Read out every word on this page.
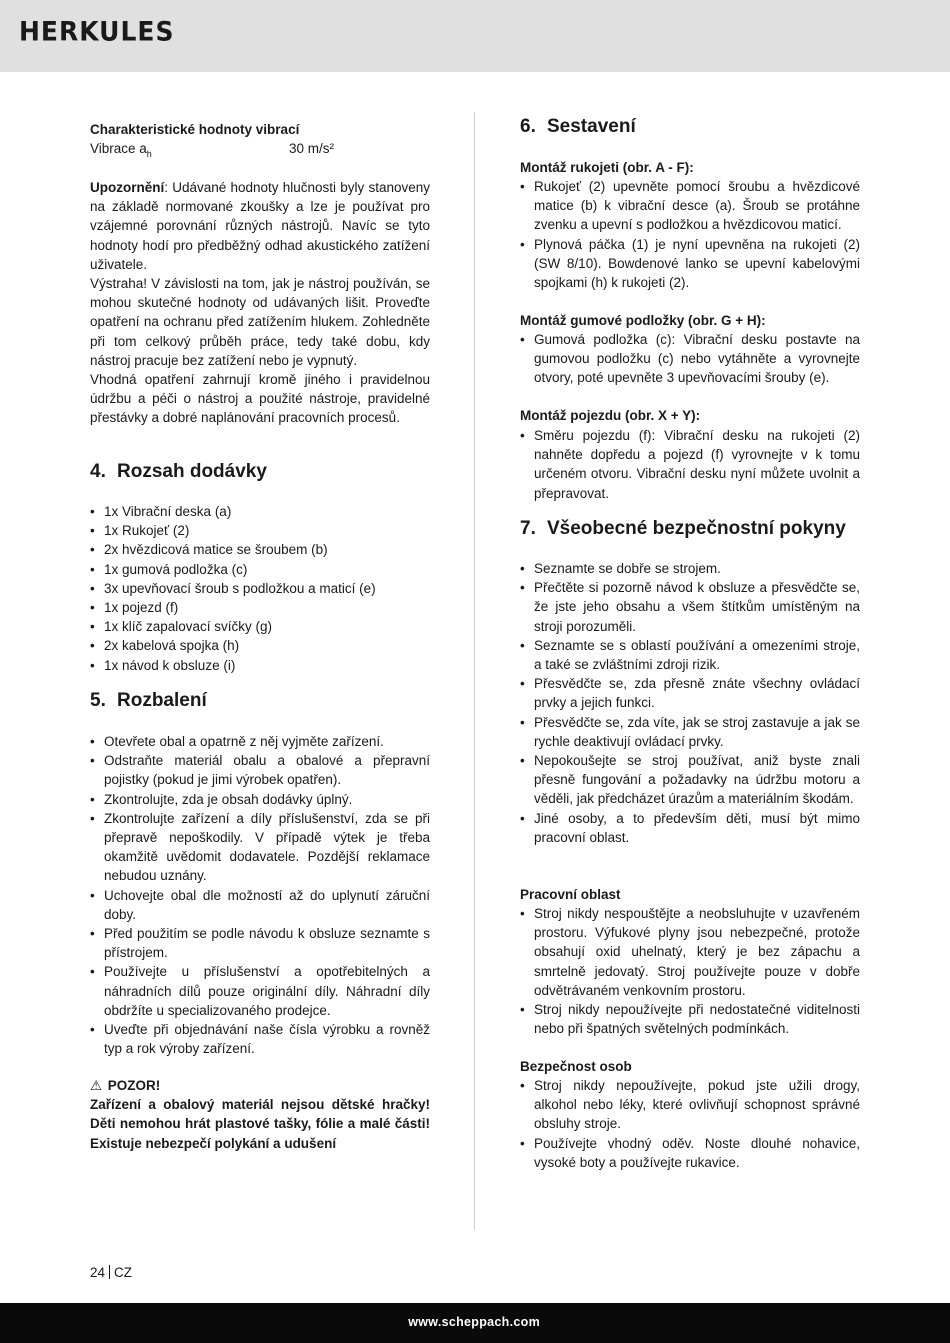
HERKULES

Charakteristické hodnoty vibrací

Vibrace $a_h$	30 m/s²

Upozornění: Udávané hodnoty hlučnosti byly stanoveny na základě normované zkoušky a lze je používat pro vzájemné porovnání různých nástrojů. Navíc se tyto hodnoty hodí pro předběžný odhad akustického zatížení uživatele.

Výstraha! V závislosti na tom, jak je nástroj používán, se mohou skutečné hodnoty od udávaných lišit. Proveďte opatření na ochranu před zatížením hlukem. Zohledněte při tom celkový průběh práce, tedy také dobu, kdy nástroj pracuje bez zatížení nebo je vypnutý.

Vhodná opatření zahrnují kromě jiného i pravidelnou údržbu a péči o nástroj a použité nástroje, pravidelné přestávky a dobré naplánování pracovních procesů.

4. Rozsah dodávky
• 1x Vibrační deska (a)
• 1x Rukojeť (2)
• 2x hvězdicová matice se šroubem (b)
• 1x gumová podložka (c)
• 3x upevňovací šroub s podložkou a maticí (e)
• 1x pojezd (f)
• 1x klíč zapalovací svíčky (g)
• 2x kabelová spojka (h)
• 1x návod k obsluze (i)
5. Rozbalení
• Otevřete obal a opatrně z něj vyjměte zařízení.
• Odstraňte materiál obalu a obalové a přepravní pojistky (pokud je jimi výrobek opatřen).
• Zkontrolujte, zda je obsah dodávky úplný.
• Zkontrolujte zařízení a díly příslušenství, zda se při přepravě nepoškodily. V případě výtek je třeba okamžitě uvědomit dodavatele. Pozdější reklamace nebudou uznány.
• Uchovejte obal dle možností až do uplynutí záruční doby.
• Před použitím se podle návodu k obsluze seznamte s přístrojem.
• Používejte u příslušenství a opotřebitelných a náhradních dílů pouze originální díly. Náhradní díly obdržíte u specializovaného prodejce.
• Uveďte při objednávání naše čísla výrobku a rovněž typ a rok výroby zařízení.

⚠ POZOR!

Zařízení a obalový materiál nejsou dětské hračky! Děti nemohou hrát plastové tašky, fólie a malé části! Existuje nebezpečí polykání a udušení

6. Sestavení

Montáž rukojeti (obr. A - F):

• Rukojeť (2) upevněte pomocí šroubu a hvězdicové matice (b) k vibrační desce (a). Šroub se protáhne zvenku a upevní s podložkou a hvězdicovou maticí.
• Plynová páčka (1) je nyní upevněna na rukojeti (2) (SW 8/10). Bowdenové lanko se upevní kabelovými spojkami (h) k rukojeti (2).

Montáž gumové podložky (obr. G + H):

• Gumová podložka (c): Vibrační desku postavte na gumovou podložku (c) nebo vytáhněte a vyrovnejte otvory, poté upevněte 3 upevňovacími šrouby (e).

Montáž pojezdu (obr. X + Y):

• Směru pojezdu (f): Vibrační desku na rukojeti (2) nahněte dopředu a pojezd (f) vyrovnejte v k tomu určeném otvoru. Vibrační desku nyní můžete uvolnit a přepravovat.
7. Všeobecné bezpečnostní pokyny
• Seznamte se dobře se strojem.
• Přečtěte si pozorně návod k obsluze a přesvědčte se, že jste jeho obsahu a všem štítkům umístěným na stroji porozuměli.
• Seznamte se s oblastí používání a omezeními stroje, a také se zvláštními zdroji rizik.
• Přesvědčte se, zda přesně znáte všechny ovládací prvky a jejich funkci.
• Přesvědčte se, zda víte, jak se stroj zastavuje a jak se rychle deaktivují ovládací prvky.
• Nepokoušejte se stroj používat, aniž byste znali přesně fungování a požadavky na údržbu motoru a věděli, jak předcházet úrazům a materiálním škodám.
• Jiné osoby, a to především děti, musí být mimo pracovní oblast.

Pracovní oblast

• Stroj nikdy nespouštějte a neobsluhujte v uzavřeném prostoru. Výfukové plyny jsou nebezpečné, protože obsahují oxid uhelnatý, který je bez zápachu a smrtelně jedovatý. Stroj používejte pouze v dobře odvětrávaném venkovním prostoru.
• Stroj nikdy nepoužívejte při nedostatečné viditelnosti nebo při špatných světelných podmínkách.

Bezpečnost osob

• Stroj nikdy nepoužívejte, pokud jste užili drogy, alkohol nebo léky, které ovlivňují schopnost správné obsluhy stroje.
• Používejte vhodný oděv. Noste dlouhé nohavice, vysoké boty a používejte rukavice.
24 CZ
www.scheppach.com
